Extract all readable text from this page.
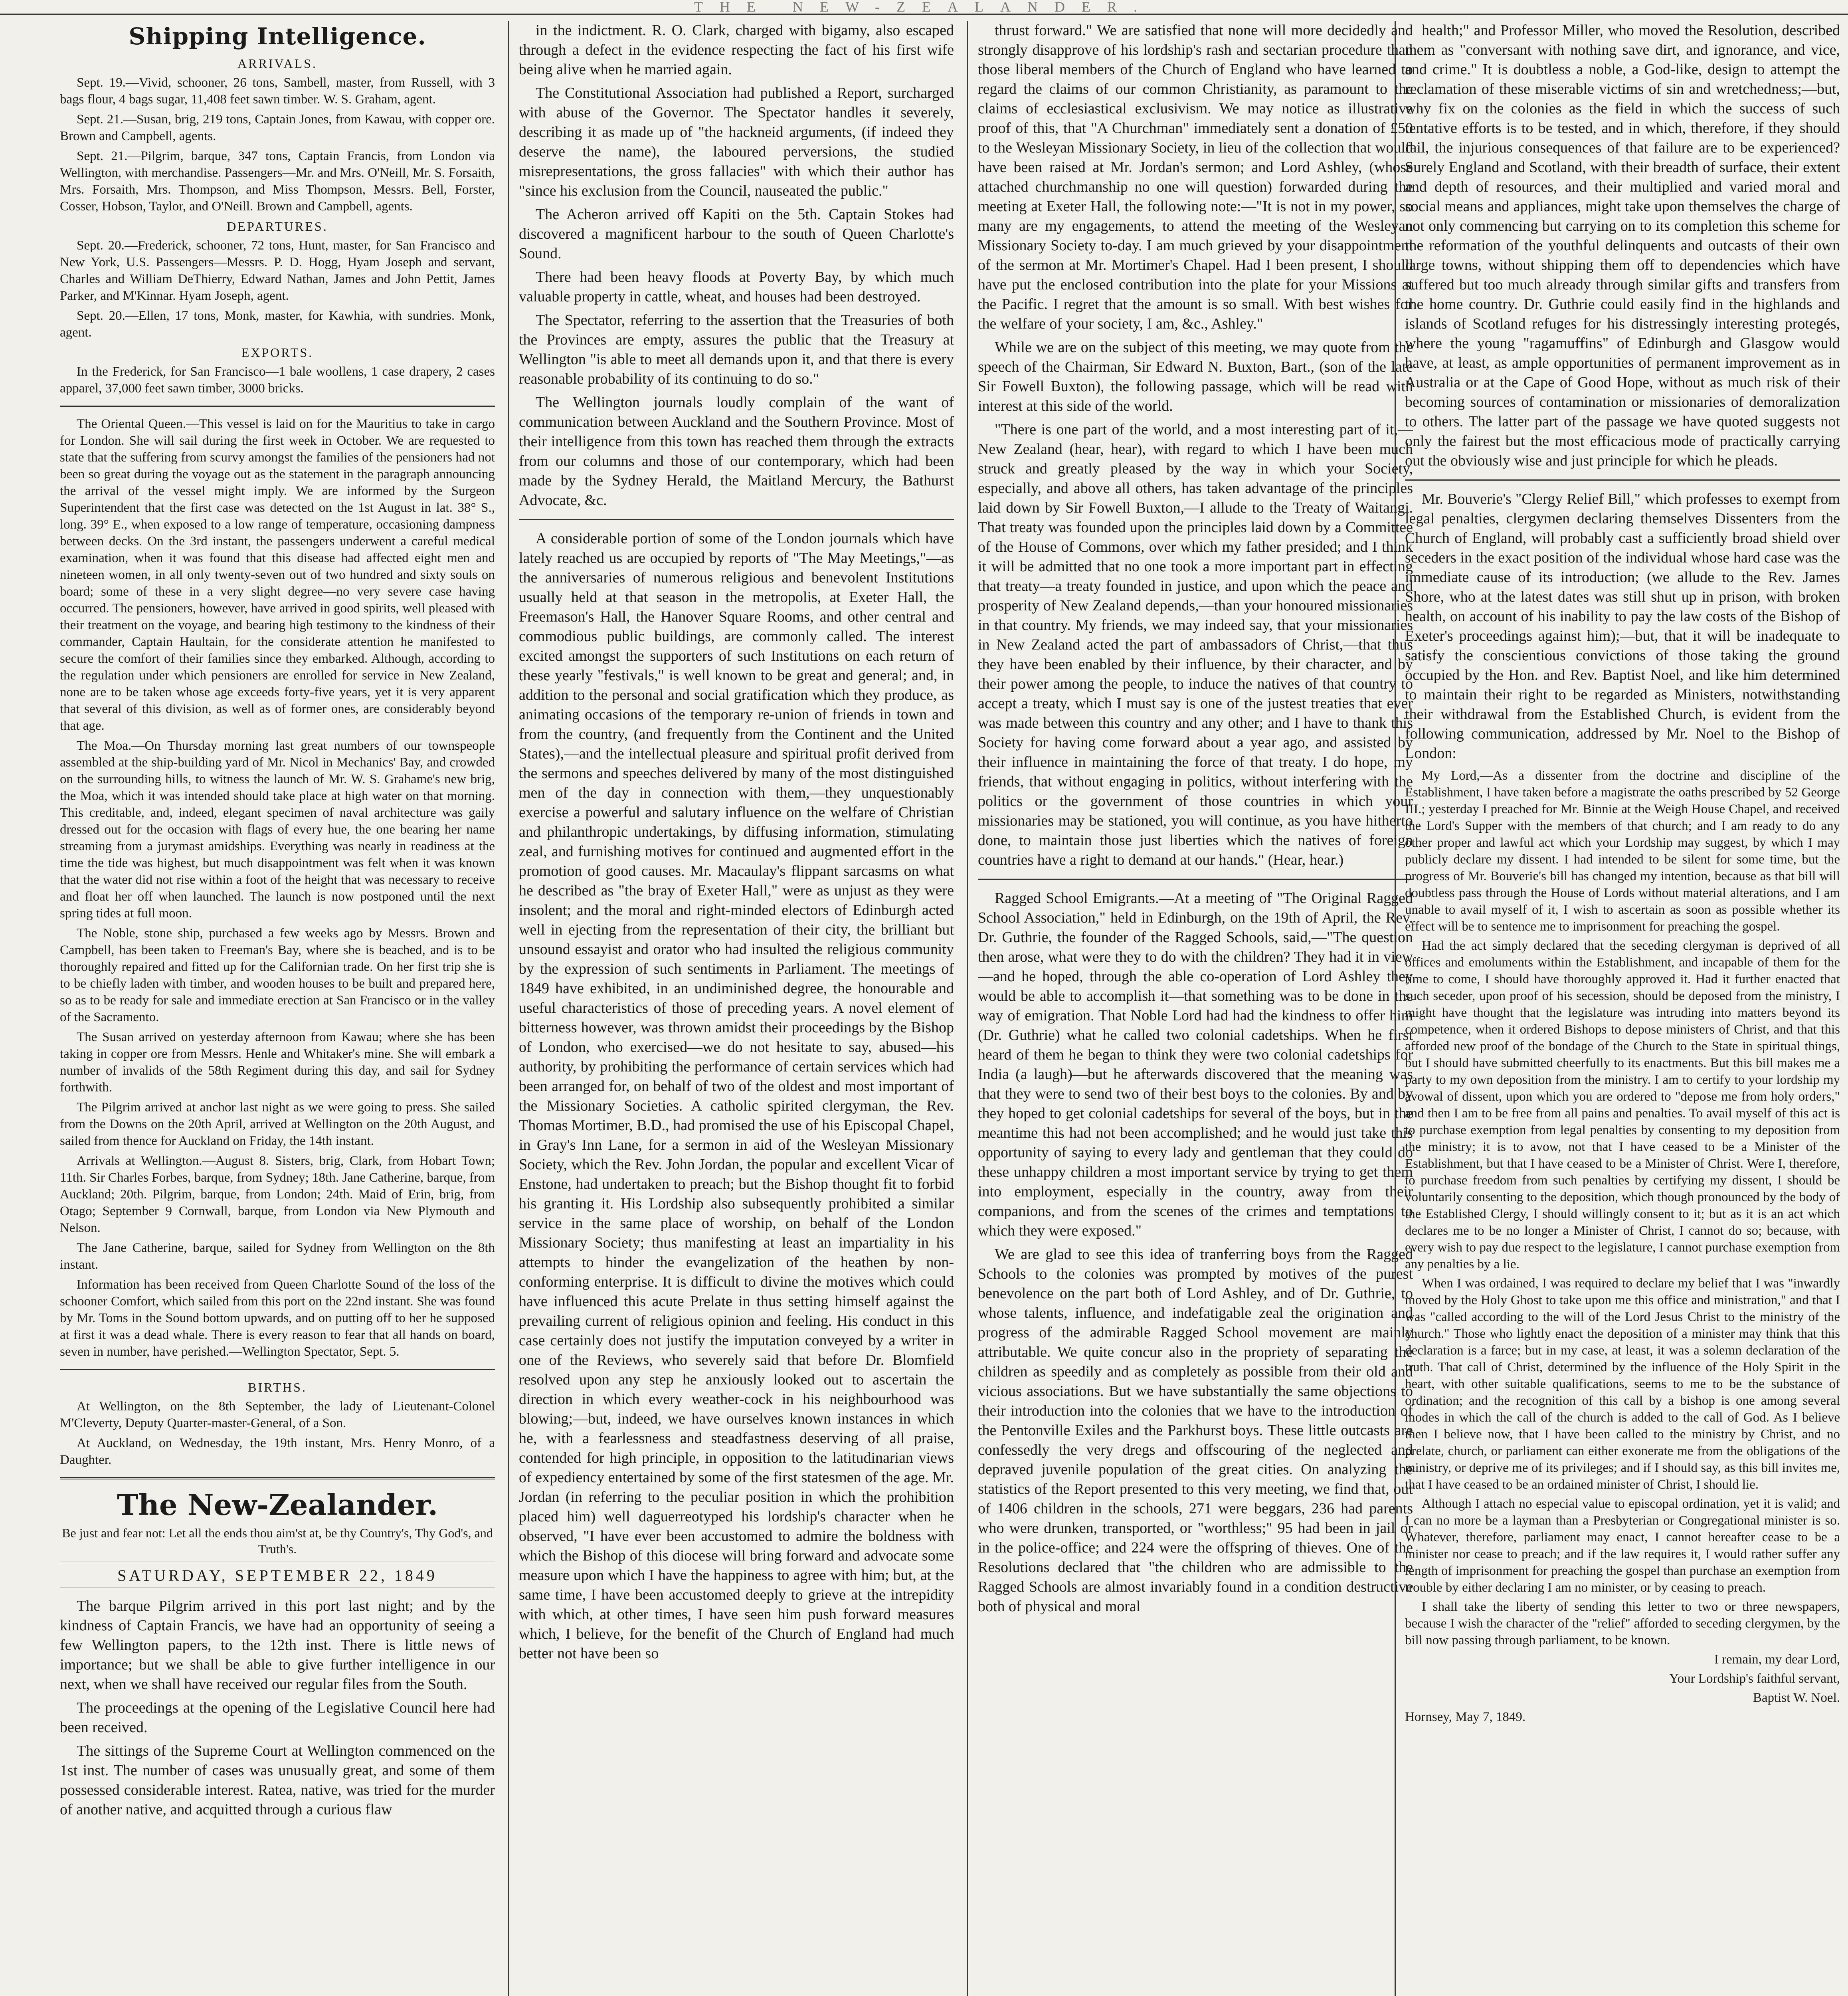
THE NEW-ZEALANDER.
Shipping Intelligence.
ARRIVALS.

Sept. 19.—Vivid, schooner, 26 tons, Sambell, master, from Russell, with 3 bags flour, 4 bags sugar, 11,408 feet sawn timber. W. S. Graham, agent.

Sept. 21.—Susan, brig, 219 tons, Captain Jones, from Kawau, with copper ore. Brown and Campbell, agents.

Sept. 21.—Pilgrim, barque, 347 tons, Captain Francis, from London via Wellington, with merchandise. Passengers—Mr. and Mrs. O'Neill, Mr. S. Forsaith, Mrs. Forsaith, Mrs. Thompson, and Miss Thompson, Messrs. Bell, Forster, Cosser, Hobson, Taylor, and O'Neill. Brown and Campbell, agents.

DEPARTURES.

Sept. 20.—Frederick, schooner, 72 tons, Hunt, master, for San Francisco and New York, U.S. Passengers—Messrs. P. D. Hogg, Hyam Joseph and servant, Charles and William DeThierry, Edward Nathan, James and John Pettit, James Parker, and M'Kinnar. Hyam Joseph, agent.

Sept. 20.—Ellen, 17 tons, Monk, master, for Kawhia, with sundries. Monk, agent.

EXPORTS.

In the Frederick, for San Francisco—1 bale woollens, 1 case drapery, 2 cases apparel, 37,000 feet sawn timber, 3000 bricks.

The Oriental Queen.—This vessel is laid on for the Mauritius to take in cargo for London. She will sail during the first week in October. We are requested to state that the suffering from scurvy amongst the families of the pensioners had not been so great during the voyage out as the statement in the paragraph announcing the arrival of the vessel might imply. We are informed by the Surgeon Superintendent that the first case was detected on the 1st August in lat. 38° S., long. 39° E., when exposed to a low range of temperature, occasioning dampness between decks. On the 3rd instant, the passengers underwent a careful medical examination, when it was found that this disease had affected eight men and nineteen women, in all only twenty-seven out of two hundred and sixty souls on board; some of these in a very slight degree—no very severe case having occurred. The pensioners, however, have arrived in good spirits, well pleased with their treatment on the voyage, and bearing high testimony to the kindness of their commander, Captain Haultain, for the considerate attention he manifested to secure the comfort of their families since they embarked. Although, according to the regulation under which pensioners are enrolled for service in New Zealand, none are to be taken whose age exceeds forty-five years, yet it is very apparent that several of this division, as well as of former ones, are considerably beyond that age.

The Moa.—On Thursday morning last great numbers of our townspeople assembled at the ship-building yard of Mr. Nicol in Mechanics' Bay, and crowded on the surrounding hills, to witness the launch of Mr. W. S. Grahame's new brig, the Moa, which it was intended should take place at high water on that morning. This creditable, and, indeed, elegant specimen of naval architecture was gaily dressed out for the occasion with flags of every hue, the one bearing her name streaming from a jurymast amidships. Everything was nearly in readiness at the time the tide was highest, but much disappointment was felt when it was known that the water did not rise within a foot of the height that was necessary to receive and float her off when launched. The launch is now postponed until the next spring tides at full moon.

The Noble, stone ship, purchased a few weeks ago by Messrs. Brown and Campbell, has been taken to Freeman's Bay, where she is beached, and is to be thoroughly repaired and fitted up for the Californian trade. On her first trip she is to be chiefly laden with timber, and wooden houses to be built and prepared here, so as to be ready for sale and immediate erection at San Francisco or in the valley of the Sacramento.

The Susan arrived on yesterday afternoon from Kawau; where she has been taking in copper ore from Messrs. Henle and Whitaker's mine. She will embark a number of invalids of the 58th Regiment during this day, and sail for Sydney forthwith.

The Pilgrim arrived at anchor last night as we were going to press. She sailed from the Downs on the 20th April, arrived at Wellington on the 20th August, and sailed from thence for Auckland on Friday, the 14th instant.

Arrivals at Wellington.—August 8. Sisters, brig, Clark, from Hobart Town; 11th. Sir Charles Forbes, barque, from Sydney; 18th. Jane Catherine, barque, from Auckland; 20th. Pilgrim, barque, from London; 24th. Maid of Erin, brig, from Otago; September 9 Cornwall, barque, from London via New Plymouth and Nelson.

The Jane Catherine, barque, sailed for Sydney from Wellington on the 8th instant.

Information has been received from Queen Charlotte Sound of the loss of the schooner Comfort, which sailed from this port on the 22nd instant. She was found by Mr. Toms in the Sound bottom upwards, and on putting off to her he supposed at first it was a dead whale. There is every reason to fear that all hands on board, seven in number, have perished.—Wellington Spectator, Sept. 5.

BIRTHS.

At Wellington, on the 8th September, the lady of Lieutenant-Colonel M'Cleverty, Deputy Quarter-master-General, of a Son.

At Auckland, on Wednesday, the 19th instant, Mrs. Henry Monro, of a Daughter.

The New-Zealander.
Be just and fear not: Let all the ends thou aim'st at, be thy Country's, Thy God's, and Truth's.
SATURDAY, SEPTEMBER 22, 1849

The barque Pilgrim arrived in this port last night; and by the kindness of Captain Francis, we have had an opportunity of seeing a few Wellington papers, to the 12th inst. There is little news of importance; but we shall be able to give further intelligence in our next, when we shall have received our regular files from the South.

The proceedings at the opening of the Legislative Council here had been received.

The sittings of the Supreme Court at Wellington commenced on the 1st inst. The number of cases was unusually great, and some of them possessed considerable interest. Ratea, native, was tried for the murder of another native, and acquitted through a curious flaw

in the indictment. R. O. Clark, charged with bigamy, also escaped through a defect in the evidence respecting the fact of his first wife being alive when he married again.

The Constitutional Association had published a Report, surcharged with abuse of the Governor. The Spectator handles it severely, describing it as made up of "the hackneid arguments, (if indeed they deserve the name), the laboured perversions, the studied misrepresentations, the gross fallacies" with which their author has "since his exclusion from the Council, nauseated the public."

The Acheron arrived off Kapiti on the 5th. Captain Stokes had discovered a magnificent harbour to the south of Queen Charlotte's Sound.

There had been heavy floods at Poverty Bay, by which much valuable property in cattle, wheat, and houses had been destroyed.

The Spectator, referring to the assertion that the Treasuries of both the Provinces are empty, assures the public that the Treasury at Wellington "is able to meet all demands upon it, and that there is every reasonable probability of its continuing to do so."

The Wellington journals loudly complain of the want of communication between Auckland and the Southern Province. Most of their intelligence from this town has reached them through the extracts from our columns and those of our contemporary, which had been made by the Sydney Herald, the Maitland Mercury, the Bathurst Advocate, &c.

A considerable portion of some of the London journals which have lately reached us are occupied by reports of "The May Meetings,"—as the anniversaries of numerous religious and benevolent Institutions usually held at that season in the metropolis, at Exeter Hall, the Freemason's Hall, the Hanover Square Rooms, and other central and commodious public buildings, are commonly called. The interest excited amongst the supporters of such Institutions on each return of these yearly "festivals," is well known to be great and general; and, in addition to the personal and social gratification which they produce, as animating occasions of the temporary re-union of friends in town and from the country, (and frequently from the Continent and the United States),—and the intellectual pleasure and spiritual profit derived from the sermons and speeches delivered by many of the most distinguished men of the day in connection with them,—they unquestionably exercise a powerful and salutary influence on the welfare of Christian and philanthropic undertakings, by diffusing information, stimulating zeal, and furnishing motives for continued and augmented effort in the promotion of good causes. Mr. Macaulay's flippant sarcasms on what he described as "the bray of Exeter Hall," were as unjust as they were insolent; and the moral and right-minded electors of Edinburgh acted well in ejecting from the representation of their city, the brilliant but unsound essayist and orator who had insulted the religious community by the expression of such sentiments in Parliament. The meetings of 1849 have exhibited, in an undiminished degree, the honourable and useful characteristics of those of preceding years. A novel element of bitterness however, was thrown amidst their proceedings by the Bishop of London, who exercised—we do not hesitate to say, abused—his authority, by prohibiting the performance of certain services which had been arranged for, on behalf of two of the oldest and most important of the Missionary Societies. A catholic spirited clergyman, the Rev. Thomas Mortimer, B.D., had promised the use of his Episcopal Chapel, in Gray's Inn Lane, for a sermon in aid of the Wesleyan Missionary Society, which the Rev. John Jordan, the popular and excellent Vicar of Enstone, had undertaken to preach; but the Bishop thought fit to forbid his granting it. His Lordship also subsequently prohibited a similar service in the same place of worship, on behalf of the London Missionary Society; thus manifesting at least an impartiality in his attempts to hinder the evangelization of the heathen by non-conforming enterprise. It is difficult to divine the motives which could have influenced this acute Prelate in thus setting himself against the prevailing current of religious opinion and feeling. His conduct in this case certainly does not justify the imputation conveyed by a writer in one of the Reviews, who severely said that before Dr. Blomfield resolved upon any step he anxiously looked out to ascertain the direction in which every weather-cock in his neighbourhood was blowing;—but, indeed, we have ourselves known instances in which he, with a fearlessness and steadfastness deserving of all praise, contended for high principle, in opposition to the latitudinarian views of expediency entertained by some of the first statesmen of the age. Mr. Jordan (in referring to the peculiar position in which the prohibition placed him) well daguerreotyped his lordship's character when he observed, "I have ever been accustomed to admire the boldness with which the Bishop of this diocese will bring forward and advocate some measure upon which I have the happiness to agree with him; but, at the same time, I have been accustomed deeply to grieve at the intrepidity with which, at other times, I have seen him push forward measures which, I believe, for the benefit of the Church of England had much better not have been so

thrust forward." We are satisfied that none will more decidedly and strongly disapprove of his lordship's rash and sectarian procedure than those liberal members of the Church of England who have learned to regard the claims of our common Christianity, as paramount to the claims of ecclesiastical exclusivism. We may notice as illustrative proof of this, that "A Churchman" immediately sent a donation of £50 to the Wesleyan Missionary Society, in lieu of the collection that would have been raised at Mr. Jordan's sermon; and Lord Ashley, (whose attached churchmanship no one will question) forwarded during the meeting at Exeter Hall, the following note:—"It is not in my power, so many are my engagements, to attend the meeting of the Wesleyan Missionary Society to-day. I am much grieved by your disappointment of the sermon at Mr. Mortimer's Chapel. Had I been present, I should have put the enclosed contribution into the plate for your Missions at the Pacific. I regret that the amount is so small. With best wishes for the welfare of your society, I am, &c., Ashley."

While we are on the subject of this meeting, we may quote from the speech of the Chairman, Sir Edward N. Buxton, Bart., (son of the late Sir Fowell Buxton), the following passage, which will be read with interest at this side of the world.

"There is one part of the world, and a most interesting part of it,—New Zealand (hear, hear), with regard to which I have been much struck and greatly pleased by the way in which your Society, especially, and above all others, has taken advantage of the principles laid down by Sir Fowell Buxton,—I allude to the Treaty of Waitangi. That treaty was founded upon the principles laid down by a Committee of the House of Commons, over which my father presided; and I think it will be admitted that no one took a more important part in effecting that treaty—a treaty founded in justice, and upon which the peace and prosperity of New Zealand depends,—than your honoured missionaries in that country. My friends, we may indeed say, that your missionaries in New Zealand acted the part of ambassadors of Christ,—that thus they have been enabled by their influence, by their character, and by their power among the people, to induce the natives of that country to accept a treaty, which I must say is one of the justest treaties that ever was made between this country and any other; and I have to thank this Society for having come forward about a year ago, and assisted by their influence in maintaining the force of that treaty. I do hope, my friends, that without engaging in politics, without interfering with the politics or the government of those countries in which your missionaries may be stationed, you will continue, as you have hitherto done, to maintain those just liberties which the natives of foreign countries have a right to demand at our hands." (Hear, hear.)

Ragged School Emigrants.—At a meeting of "The Original Ragged School Association," held in Edinburgh, on the 19th of April, the Rev. Dr. Guthrie, the founder of the Ragged Schools, said,—"The question then arose, what were they to do with the children? They had it in view—and he hoped, through the able co-operation of Lord Ashley they would be able to accomplish it—that something was to be done in the way of emigration. That Noble Lord had had the kindness to offer him (Dr. Guthrie) what he called two colonial cadetships. When he first heard of them he began to think they were two colonial cadetships for India (a laugh)—but he afterwards discovered that the meaning was that they were to send two of their best boys to the colonies. By and by they hoped to get colonial cadetships for several of the boys, but in the meantime this had not been accomplished; and he would just take this opportunity of saying to every lady and gentleman that they could do these unhappy children a most important service by trying to get them into employment, especially in the country, away from their companions, and from the scenes of the crimes and temptations to which they were exposed."

We are glad to see this idea of tranferring boys from the Ragged Schools to the colonies was prompted by motives of the purest benevolence on the part both of Lord Ashley, and of Dr. Guthrie, to whose talents, influence, and indefatigable zeal the origination and progress of the admirable Ragged School movement are mainly attributable. We quite concur also in the propriety of separating the children as speedily and as completely as possible from their old and vicious associations. But we have substantially the same objections to their introduction into the colonies that we have to the introduction of the Pentonville Exiles and the Parkhurst boys. These little outcasts are confessedly the very dregs and offscouring of the neglected and depraved juvenile population of the great cities. On analyzing the statistics of the Report presented to this very meeting, we find that, out of 1406 children in the schools, 271 were beggars, 236 had parents who were drunken, transported, or "worthless;" 95 had been in jail or in the police-office; and 224 were the offspring of thieves. One of the Resolutions declared that "the children who are admissible to the Ragged Schools are almost invariably found in a condition destructive both of physical and moral

health;" and Professor Miller, who moved the Resolution, described them as "conversant with nothing save dirt, and ignorance, and vice, and crime." It is doubtless a noble, a God-like, design to attempt the reclamation of these miserable victims of sin and wretchedness;—but, why fix on the colonies as the field in which the success of such tentative efforts is to be tested, and in which, therefore, if they should fail, the injurious consequences of that failure are to be experienced? Surely England and Scotland, with their breadth of surface, their extent and depth of resources, and their multiplied and varied moral and social means and appliances, might take upon themselves the charge of not only commencing but carrying on to its completion this scheme for the reformation of the youthful delinquents and outcasts of their own large towns, without shipping them off to dependencies which have suffered but too much already through similar gifts and transfers from the home country. Dr. Guthrie could easily find in the highlands and islands of Scotland refuges for his distressingly interesting protegés, where the young "ragamuffins" of Edinburgh and Glasgow would have, at least, as ample opportunities of permanent improvement as in Australia or at the Cape of Good Hope, without as much risk of their becoming sources of contamination or missionaries of demoralization to others. The latter part of the passage we have quoted suggests not only the fairest but the most efficacious mode of practically carrying out the obviously wise and just principle for which he pleads.

Mr. Bouverie's "Clergy Relief Bill," which professes to exempt from legal penalties, clergymen declaring themselves Dissenters from the Church of England, will probably cast a sufficiently broad shield over seceders in the exact position of the individual whose hard case was the immediate cause of its introduction; (we allude to the Rev. James Shore, who at the latest dates was still shut up in prison, with broken health, on account of his inability to pay the law costs of the Bishop of Exeter's proceedings against him);—but, that it will be inadequate to satisfy the conscientious convictions of those taking the ground occupied by the Hon. and Rev. Baptist Noel, and like him determined to maintain their right to be regarded as Ministers, notwithstanding their withdrawal from the Established Church, is evident from the following communication, addressed by Mr. Noel to the Bishop of London:

My Lord,—As a dissenter from the doctrine and discipline of the Establishment, I have taken before a magistrate the oaths prescribed by 52 George III.; yesterday I preached for Mr. Binnie at the Weigh House Chapel, and received the Lord's Supper with the members of that church; and I am ready to do any other proper and lawful act which your Lordship may suggest, by which I may publicly declare my dissent. I had intended to be silent for some time, but the progress of Mr. Bouverie's bill has changed my intention, because as that bill will doubtless pass through the House of Lords without material alterations, and I am unable to avail myself of it, I wish to ascertain as soon as possible whether its effect will be to sentence me to imprisonment for preaching the gospel.

Had the act simply declared that the seceding clergyman is deprived of all offices and emoluments within the Establishment, and incapable of them for the time to come, I should have thoroughly approved it. Had it further enacted that such seceder, upon proof of his secession, should be deposed from the ministry, I might have thought that the legislature was intruding into matters beyond its competence, when it ordered Bishops to depose ministers of Christ, and that this afforded new proof of the bondage of the Church to the State in spiritual things, but I should have submitted cheerfully to its enactments. But this bill makes me a party to my own deposition from the ministry. I am to certify to your lordship my avowal of dissent, upon which you are ordered to "depose me from holy orders," and then I am to be free from all pains and penalties. To avail myself of this act is to purchase exemption from legal penalties by consenting to my deposition from the ministry; it is to avow, not that I have ceased to be a Minister of the Establishment, but that I have ceased to be a Minister of Christ. Were I, therefore, to purchase freedom from such penalties by certifying my dissent, I should be voluntarily consenting to the deposition, which though pronounced by the body of the Established Clergy, I should willingly consent to it; but as it is an act which declares me to be no longer a Minister of Christ, I cannot do so; because, with every wish to pay due respect to the legislature, I cannot purchase exemption from any penalties by a lie.

When I was ordained, I was required to declare my belief that I was "inwardly moved by the Holy Ghost to take upon me this office and ministration," and that I was "called according to the will of the Lord Jesus Christ to the ministry of the church." Those who lightly enact the deposition of a minister may think that this declaration is a farce; but in my case, at least, it was a solemn declaration of the truth. That call of Christ, determined by the influence of the Holy Spirit in the heart, with other suitable qualifications, seems to me to be the substance of ordination; and the recognition of this call by a bishop is one among several modes in which the call of the church is added to the call of God. As I believe then I believe now, that I have been called to the ministry by Christ, and no prelate, church, or parliament can either exonerate me from the obligations of the ministry, or deprive me of its privileges; and if I should say, as this bill invites me, that I have ceased to be an ordained minister of Christ, I should lie.

Although I attach no especial value to episcopal ordination, yet it is valid; and I can no more be a layman than a Presbyterian or Congregational minister is so. Whatever, therefore, parliament may enact, I cannot hereafter cease to be a minister nor cease to preach; and if the law requires it, I would rather suffer any length of imprisonment for preaching the gospel than purchase an exemption from trouble by either declaring I am no minister, or by ceasing to preach.

I shall take the liberty of sending this letter to two or three newspapers, because I wish the character of the "relief" afforded to seceding clergymen, by the bill now passing through parliament, to be known.

I remain, my dear Lord,

Your Lordship's faithful servant,

Baptist W. Noel.

Hornsey, May 7, 1849.
